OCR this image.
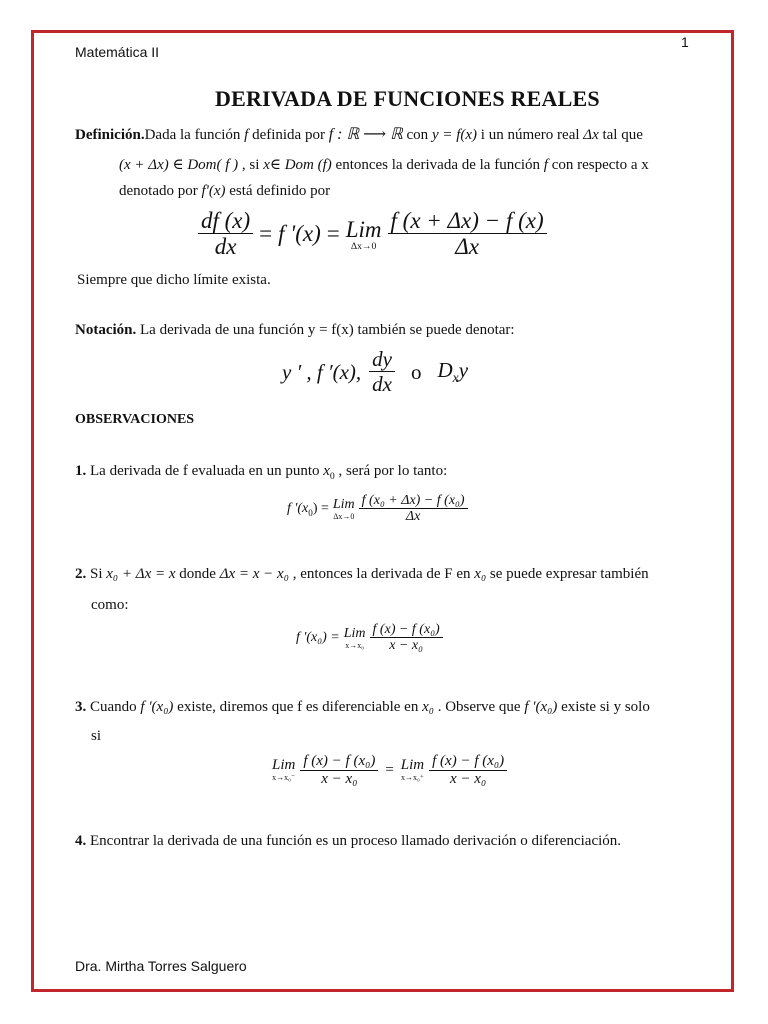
Matemática II
1
DERIVADA DE FUNCIONES REALES
Definición.Dada la función f definida por f : ℝ ⟶ ℝ con y = f(x) i un número real Δx tal que
(x + Δx) ∈ Dom( f ) , si x∈ Dom (f) entonces la derivada de la función f con respecto a x
denotado por f'(x) está definido por
$\frac{df (x)}{dx} = f$ '(x) = Lim
$\Delta x\to 0 \frac{f (x + \Delta x) - f (x)}{\Delta x}$
Siempre que dicho límite exista.
Notación. La derivada de una función y = f(x) también se puede denotar:
y ′ , f ′(x), $\frac{dy}{dx}$ o $D_xy$
OBSERVACIONES
1. La derivada de f evaluada en un punto $x_0$ , será por lo tanto:
f '$(x_0)$ = Lim
$\Delta x\to 0 \frac{\text{f (x₀ + Δx) − f (x₀)}}{\Delta x}$
2. Si x₀ + Δx = x donde Δx = x − x₀ , entonces la derivada de F en x₀ se puede expresar también
como:
f '(x₀) = Lim
$x\to x_0 \frac{\text{f (x) − f (x₀)}}{\text{x − x₀}}$
3. Cuando f '(x₀) existe, diremos que f es diferenciable en x₀ . Observe que f '(x₀) existe si y solo
si
Lim
$x\to x_0^- \frac{\text{f (x) − f (x₀)}}{\text{x − x₀}}$ = Lim
$x\to x_0^+ \frac{\text{f (x) − f (x₀)}}{\text{x − x₀}}$
4. Encontrar la derivada de una función es un proceso llamado derivación o diferenciación.
Dra. Mirtha Torres Salguero
